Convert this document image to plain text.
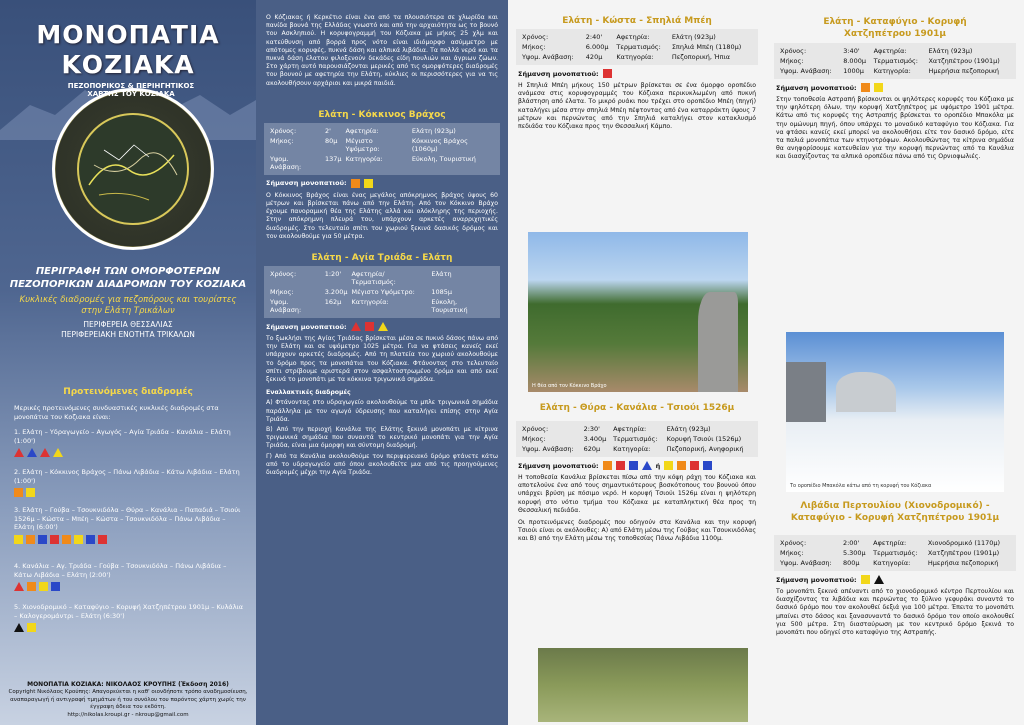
ΜΟΝΟΠΑΤΙΑ
ΚΟΖΙΑΚΑ
ΠΕΖΟΠΟΡΙΚΟΣ & ΠΕΡΙΗΓΗΤΙΚΟΣ ΧΑΡΤΗΣ ΤΟΥ ΚΟΖΙΑΚΑ
ΠΕΡΙΓΡΑΦΗ ΤΩΝ ΟΜΟΡΦΟΤΕΡΩΝ ΠΕΖΟΠΟΡΙΚΩΝ ΔΙΑΔΡΟΜΩΝ ΤΟΥ ΚΟΖΙΑΚΑ
Κυκλικές διαδρομές για πεζοπόρους και τουρίστες στην Ελάτη Τρικάλων
ΠΕΡΙΦΕΡΕΙΑ ΘΕΣΣΑΛΙΑΣ
ΠΕΡΙΦΕΡΕΙΑΚΗ ΕΝΟΤΗΤΑ ΤΡΙΚΑΛΩΝ
Προτεινόμενες διαδρομές
Μερικές προτεινόμενες συνδυαστικές κυκλικές διαδρομές στα μονοπάτια του Κοζιακα είναι:
1. Ελάτη – Υδραγωγείο – Αγωγός – Αγία Τριάδα – Κανάλια – Ελάτη (1:00')
2. Ελάτη – Κόκκινος Βράχος – Πάνω Λιβάδια – Κάτω Λιβάδια – Ελάτη (1:00')
3. Ελάτη – Γούβα – Τσουκνιδόλα – Θύρα – Κανάλια – Παπαδιά – Τσιούι 1526μ – Κώστα – Μπέη – Κώστα – Τσουκνιδόλα – Πάνω Λιβάδια – Ελάτη (6:00')
4. Κανάλια – Αγ. Τριάδα – Γούβα – Τσουκνιδόλα – Πάνω Λιβάδια – Κάτω Λιβάδια – Ελάτη (2:00')
5. Χιονοδρομικό – Καταφύγιο – Κορυφή Χατζηπέτρου 1901μ – Κυλάλια – Καλογερομάντρι – Ελάτη (6:30')
ΜΟΝΟΠΑΤΙΑ ΚΟΖΙΑΚΑ: ΝΙΚΟΛΑΟΣ ΚΡΟΥΠΗΣ (Έκδοση 2016)
Copyright Νικόλαος Κρούπης: Απαγορεύεται η καθ' οιονδήποτε τρόπο αναδημοσίευση, αναπαραγωγή ή αντιγραφή τμημάτων ή του συνόλου του παρόντος χάρτη χωρίς την έγγραφη άδεια του εκδότη.
http://nikolas.kroupi.gr - nkroup@gmail.com
Ο Κόζιακας ή Κερκέτιο είναι ένα από τα πλουσιότερα σε χλωρίδα και πανίδα βουνά της Ελλάδας γνωστό και από την αρχαιότητα ως το βουνό του Ασκληπιού. Η κορυφογραμμή του Κόζιακα με μήκος 25 χλμ και κατεύθυνση από βορρά προς νότο είναι ιδιόμορφο ασύμμετρο με απότομες κορυφές, πυκνά δάση και αλπικά λιβάδια. Τα πολλά νερά και τα πυκνά δάση έλατου φιλοξενούν δεκάδες είδη πουλιών και άγριων ζώων. Στο χάρτη αυτό παρουσιάζονται μερικές από τις ομορφότερες διαδρομές του βουνού με αφετηρία την Ελάτη, κύκλιες οι περισσότερες για να τις ακολουθήσουν αρχάριοι και μικρά παιδιά.
Ελάτη - Κόκκινος Βράχος
Χρόνος:	2'	Αφετηρία:	Ελάτη (923μ)
Μήκος:	80μ	Μέγιστο Υψόμετρο:	Κόκκινος Βράχος (1060μ)
Υψομ. Ανάβαση:	137μ	Κατηγορία:	Εύκολη, Τουριστική
Σήμανση μονοπατιού:
Ο Κόκκινος Βράχος είναι ένας μεγάλος απόκρημνος βράχος ύψους 60 μέτρων και βρίσκεται πάνω από την Ελάτη. Από τον Κόκκινο Βράχο έχουμε πανοραμική θέα της Ελάτης αλλά και ολόκληρης της περιοχής. Στην απόκρημνη πλευρά του, υπάρχουν αρκετές αναρριχητικές διαδρομές. Στο τελευταίο σπίτι του χωριού ξεκινά δασικός δρόμος και τον ακολουθούμε για 50 μέτρα.
Ελάτη - Αγία Τριάδα - Ελάτη
Χρόνος:	1:20'	Αφετηρία/Τερματισμός:	Ελάτη
Μήκος:	3.200μ	Μέγιστο Υψόμετρο:	1085μ
Υψομ. Ανάβαση:	162μ	Κατηγορία:	Εύκολη, Τουριστική
Σήμανση μονοπατιού:
Το ξωκλήσι της Αγίας Τριάδας βρίσκεται μέσα σε πυκνό δάσος πάνω από την Ελάτη και σε υψόμετρο 1025 μέτρα. Για να φτάσεις κανείς εκεί υπάρχουν αρκετές διαδρομές. Από τη πλατεία του χωριού ακολουθούμε το δρόμο προς τα μονοπάτια του Κόζιακα. Φτάνοντας στο τελευταίο σπίτι στρίβουμε αριστερά στον ασφαλτοστρωμένο δρόμο και από εκεί ξεκινά το μονοπάτι με τα κόκκινα τριγωνικά σημάδια.
Εναλλακτικές διαδρομές
Α) Φτάνοντας στο υδραγωγείο ακολουθούμε τα μπλε τριγωνικά σημάδια παράλληλα με τον αγωγό ύδρευσης που καταλήγει επίσης στην Αγία Τριάδα.
Β) Από την περιοχή Κανάλια της Ελάτης ξεκινά μονοπάτι με κίτρινα τριγωνικά σημάδια που συναντά το κεντρικό μονοπάτι για την Αγία Τριάδα, είναι μια όμορφη και σύντομη διαδρομή.
Γ) Από τα Κανάλια ακολουθούμε τον περιφερειακό δρόμο φτάνετε κάτω από το υδραγωγείο από όπου ακολουθείτε μια από τις προηγούμενες διαδρομές μέχρι την Αγία Τριάδα.
Ελάτη - Κώστα - Σπηλιά Μπέη
Χρόνος:	2:40'	Αφετηρία:	Ελάτη (923μ)
Μήκος:	6.000μ	Τερματισμός:	Σπηλιά Μπέη (1180μ)
Υψομ. Ανάβαση:	420μ	Κατηγορία:	Πεζοπορική, Ήπια
Σήμανση μονοπατιού:
Η Σπηλιά Μπέη μήκους 150 μέτρων βρίσκεται σε ένα όμορφο οροπέδιο ανάμεσα στις κορυφογραμμές του Κόζιακα περικυκλωμένη από πυκνή βλάστηση από έλατα. Το μικρό ρυάκι που τρέχει στο οροπέδιο Μπέη (πηγή) καταλήγει μέσα στην σπηλιά Μπέη πέφτοντας από ένα καταρράκτη ύψους 7 μέτρων και περνώντας από την Σπηλιά καταλήγει στον κατακλυσμό πεδιάδα του Κόζιακα προς την Θεσσαλική Κάμπο.
Η θέα από τον Κόκκινο Βράχο
Ελάτη - Θύρα - Κανάλια - Τσιούι 1526μ
Χρόνος:	2:30'	Αφετηρία:	Ελάτη (923μ)
Μήκος:	3.400μ	Τερματισμός:	Κορυφή Τσιούι (1526μ)
Υψομ. Ανάβαση:	620μ	Κατηγορία:	Πεζοπορική, Ανηφορική
Σήμανση μονοπατιού:	ή
Η τοποθεσία Κανάλια βρίσκεται πίσω από την κόψη ράχη του Κόζιακα και αποτελούνε ένα από τους σημαντικότερους βοσκότοπους του βουνού όπου υπάρχει βρύση με πόσιμο νερό. Η κορυφή Τσιούι 1526μ είναι η ψηλότερη κορυφή στο νότιο τμήμα του Κόζιακα με καταπληκτική θέα προς τη Θεσσαλική πεδιάδα.
Οι προτεινόμενες διαδρομές που οδηγούν στα Κανάλια και την κορυφή Τσιούι είναι οι ακόλουθες: Α) από Ελάτη μέσω της Γούβας και Τσουκνιδόλας και Β) από την Ελάτη μέσω της τοποθεσίας Πάνω Λιβάδια 1100μ.
Ελάτη - Καταφύγιο - Κορυφή Χατζηπέτρου 1901μ
Χρόνος:	3:40'	Αφετηρία:	Ελάτη (923μ)
Μήκος:	8.000μ	Τερματισμός:	Χατζηπέτρου (1901μ)
Υψομ. Ανάβαση:	1000μ	Κατηγορία:	Ημερήσια πεζοπορική
Σήμανση μονοπατιού:
Στην τοποθεσία Αστραπή βρίσκονται οι ψηλότερες κορυφές του Κόζιακα με την ψηλότερη όλων, την κορυφή Χατζηπέτρος με υψόμετρο 1901 μέτρα. Κάτω από τις κορυφές της Αστραπής βρίσκεται το οροπέδιο Μπακόλα με την ομώνυμη πηγή, όπου υπάρχει το μοναδικό καταφύγιο του Κόζιακα. Για να φτάσει κανείς εκεί μπορεί να ακολουθήσει είτε τον δασικό δρόμο, είτε τα παλιά μονοπάτια των κτηνοτρόφων. Ακολουθώντας τα κίτρινα σημάδια θα ανηφορίσουμε κατευθείαν για την κορυφή περνώντας από τα Κανάλια και διασχίζοντας τα αλπικά οροπέδια πάνω από τις Ορνιοφωλιές.
Το οροπέδιο Μπακόλα κάτω από τη κορυφή του Κόζιακα
Λιβάδια Περτουλίου (Χιονοδρομικό) - Καταφύγιο - Κορυφή Χατζηπέτρου 1901μ
Χρόνος:	2:00'	Αφετηρία:	Χιονοδρομικό (1170μ)
Μήκος:	5.300μ	Τερματισμός:	Χατζηπέτρου (1901μ)
Υψομ. Ανάβαση:	800μ	Κατηγορία:	Ημερήσια πεζοπορική
Σήμανση μονοπατιού:
Το μονοπάτι ξεκινά απέναντι από το χιονοδρομικό κέντρο Περτουλίου και διασχίζοντας τα λιβάδια και περνώντας το ξύλινο γεφυράκι συναντά το δασικό δρόμο που τον ακολουθεί δεξιά για 100 μέτρα. Έπειτα το μονοπάτι μπαίνει στο δάσος και ξανασυναντά το δασικό δρόμο τον οποίο ακολουθεί για 500 μέτρα. Στη διασταύρωση με τον κεντρικό δρόμο ξεκινά το μονοπάτι που οδηγεί στο καταφύγιο της Αστραπής.
